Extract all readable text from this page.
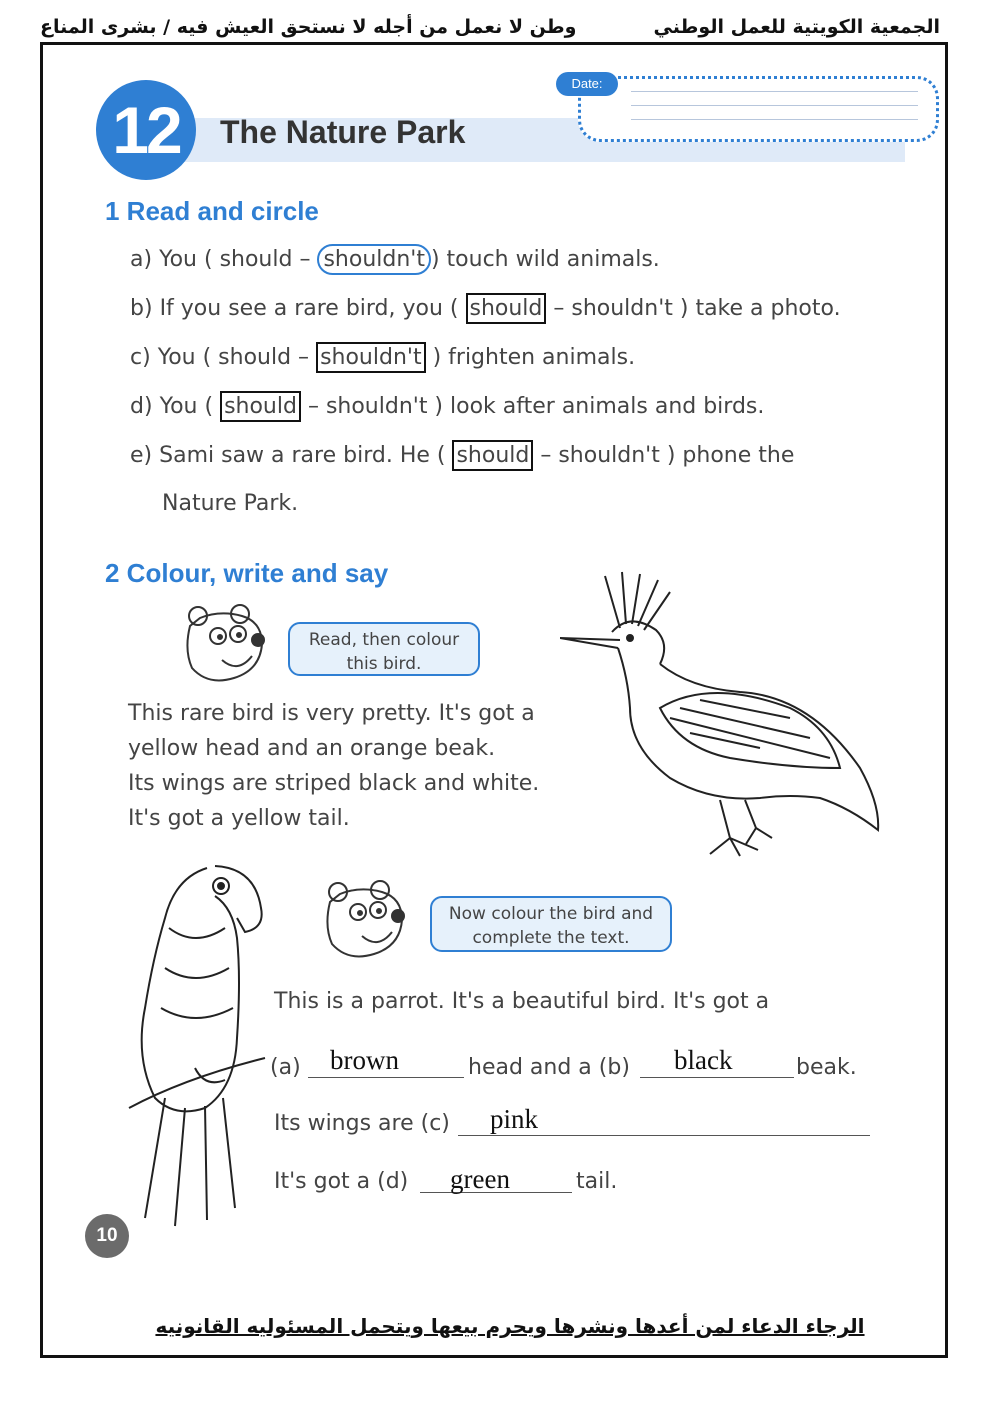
الجمعية الكويتية للعمل الوطني
وطن لا نعمل من أجله لا نستحق العيش فيه / بشرى المناع
12	The Nature Park
Date:
1 Read and circle
a) You ( should – shouldn't ) touch wild animals.
b) If you see a rare bird, you ( should – shouldn't ) take a photo.
c) You ( should – shouldn't ) frighten animals.
d) You ( should – shouldn't ) look after animals and birds.
e) Sami saw a rare bird. He ( should – shouldn't ) phone the
Nature Park.
2 Colour, write and say
Read, then colour this bird.
This rare bird is very pretty. It's got a
yellow head and an orange beak.
Its wings are striped black and white.
It's got a yellow tail.
Now colour the bird and complete the text.
This is a parrot. It's a beautiful bird. It's got a
(a) brown	head and a (b) black	beak.
Its wings are (c) pink
It's got a (d) green	tail.
10
الرجاء الدعاء لمن أعدها ونشرها ويحرم بيعها ويتحمل المسئوليه القانونيه
